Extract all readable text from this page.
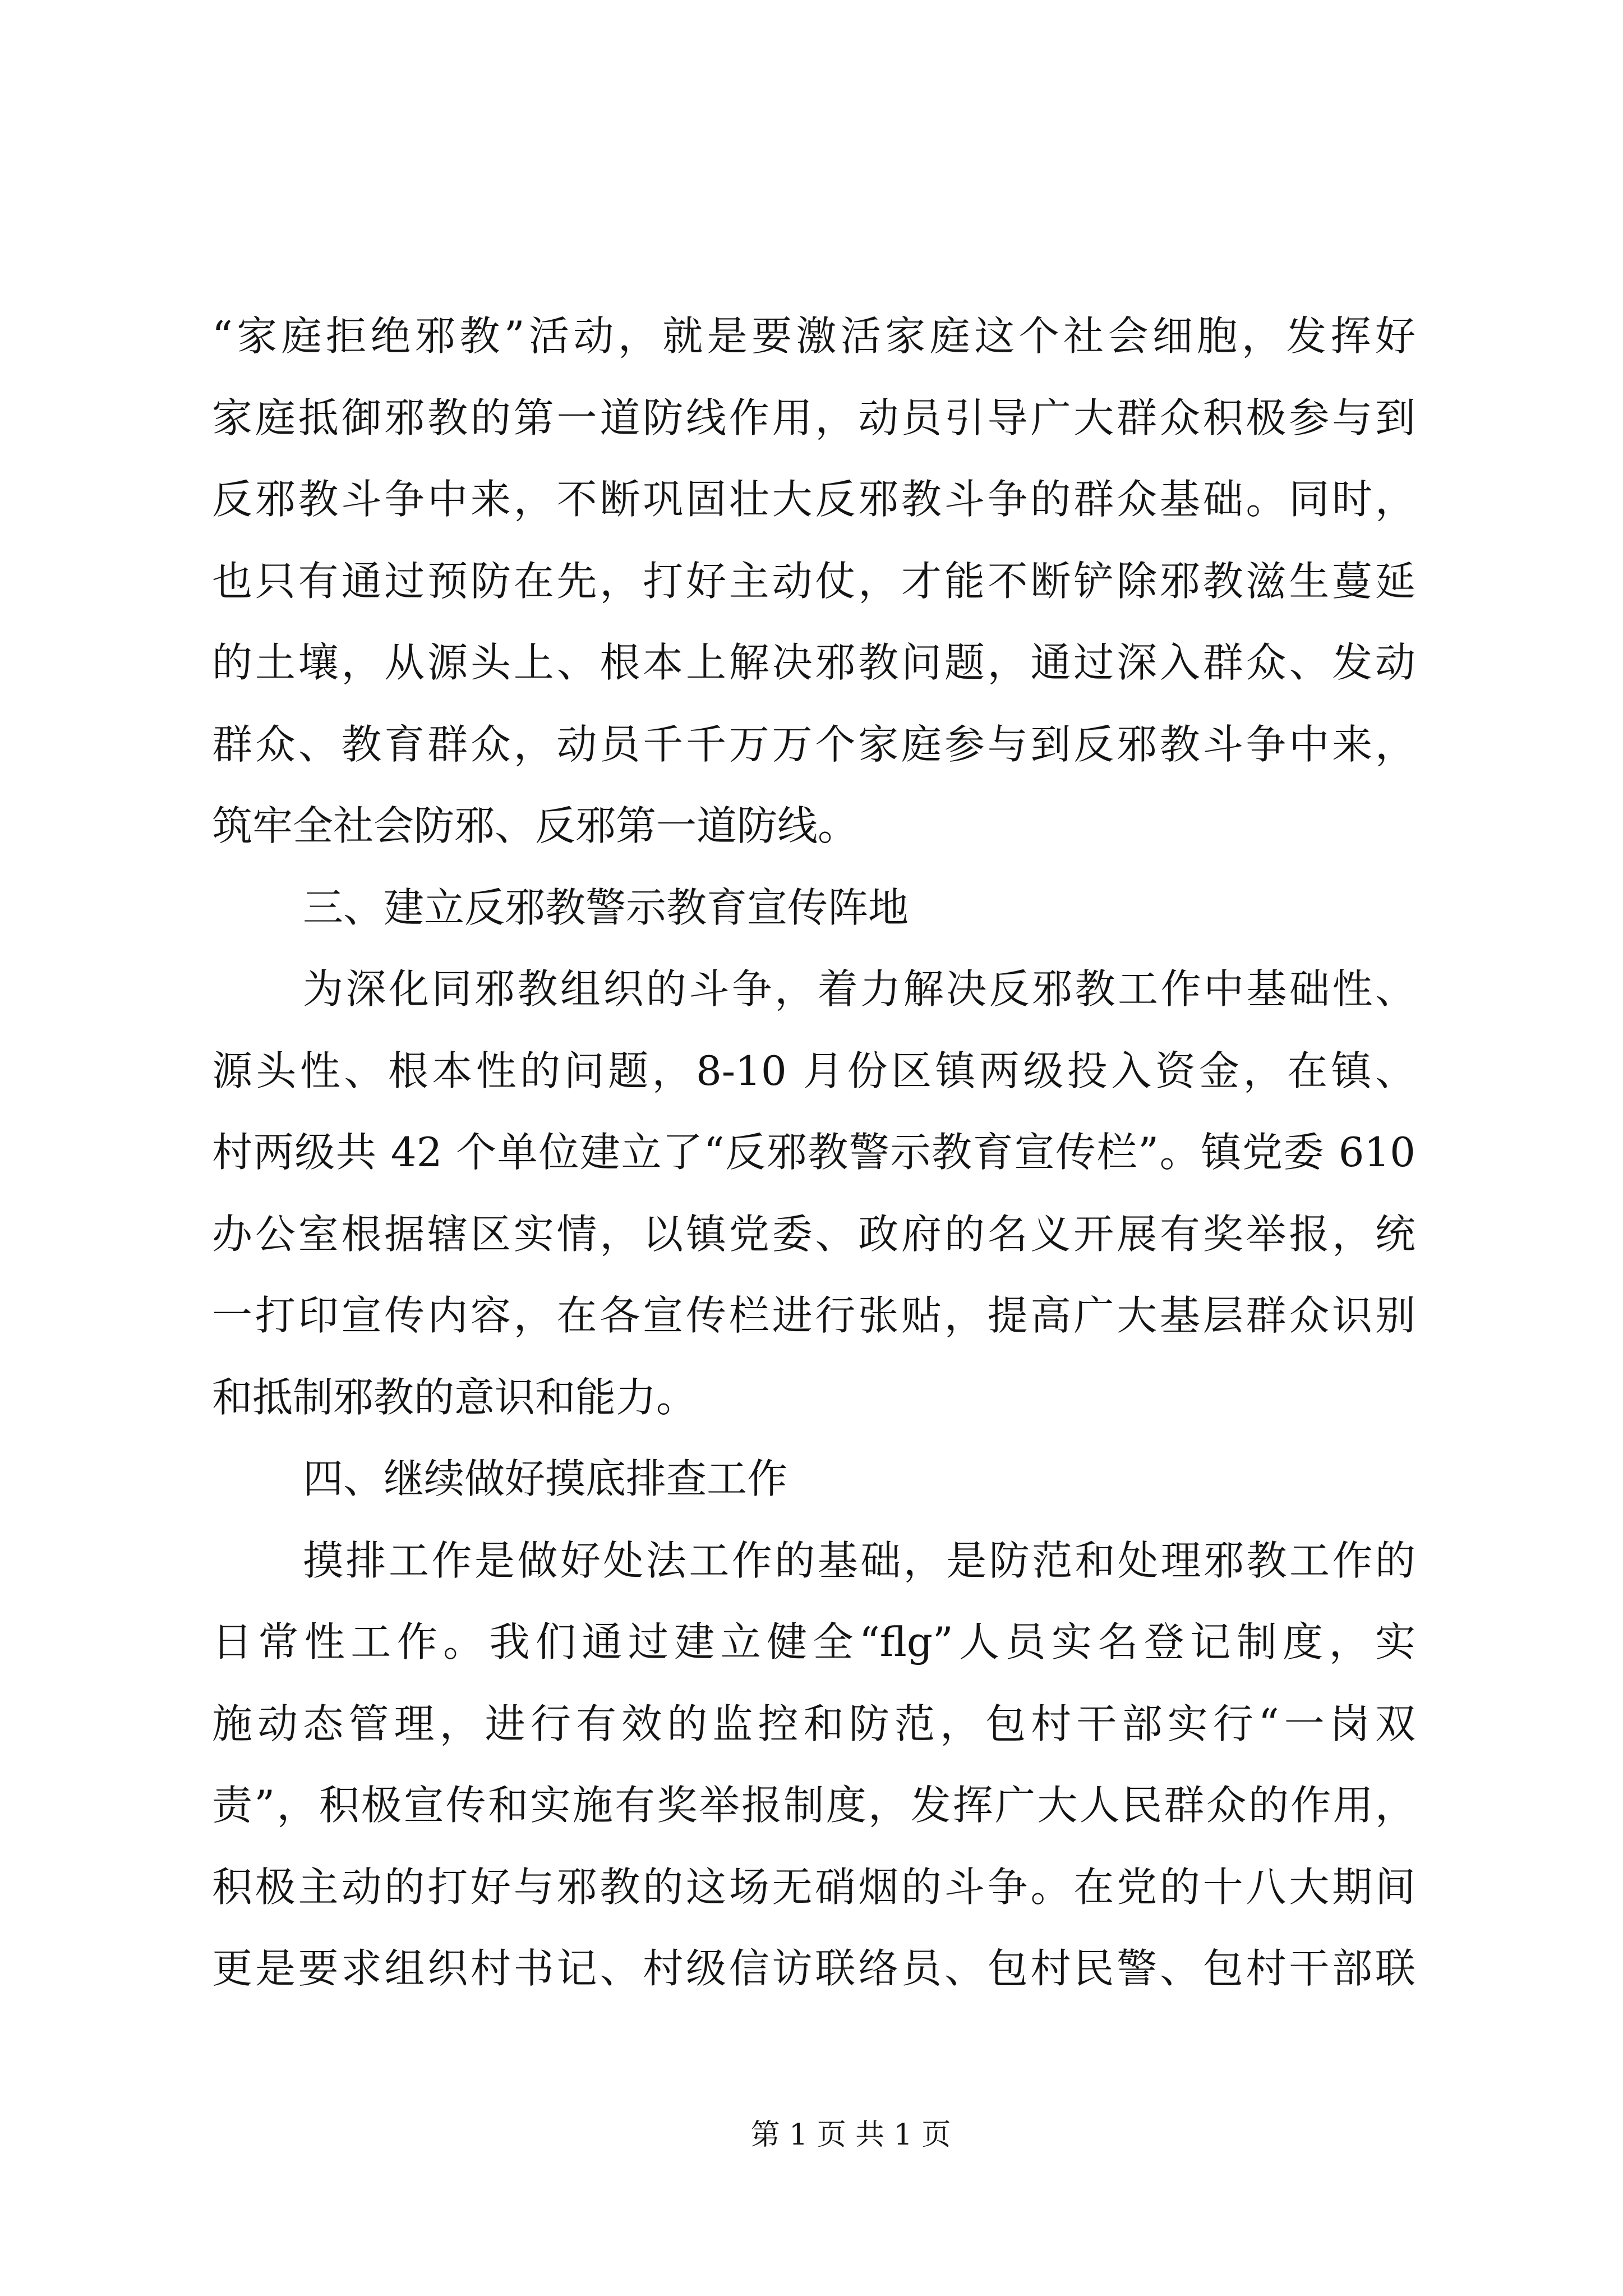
“家庭拒绝邪教”活动，就是要激活家庭这个社会细胞，发挥好
家庭抵御邪教的第一道防线作用，动员引导广大群众积极参与到
反邪教斗争中来，不断巩固壮大反邪教斗争的群众基础。同时，
也只有通过预防在先，打好主动仗，才能不断铲除邪教滋生蔓延
的土壤，从源头上、根本上解决邪教问题，通过深入群众、发动
群众、教育群众，动员千千万万个家庭参与到反邪教斗争中来，
筑牢全社会防邪、反邪第一道防线。
三、建立反邪教警示教育宣传阵地
为深化同邪教组织的斗争，着力解决反邪教工作中基础性、
源头性、根本性的问题，8-10 月份区镇两级投入资金，在镇、
村两级共 42 个单位建立了“反邪教警示教育宣传栏”。镇党委 610
办公室根据辖区实情，以镇党委、政府的名义开展有奖举报，统
一打印宣传内容，在各宣传栏进行张贴，提高广大基层群众识别
和抵制邪教的意识和能力。
四、继续做好摸底排查工作
摸排工作是做好处法工作的基础，是防范和处理邪教工作的
日常性工作。我们通过建立健全“flg”人员实名登记制度，实
施动态管理，进行有效的监控和防范，包村干部实行“一岗双
责”，积极宣传和实施有奖举报制度，发挥广大人民群众的作用，
积极主动的打好与邪教的这场无硝烟的斗争。在党的十八大期间
更是要求组织村书记、村级信访联络员、包村民警、包村干部联
第 1 页 共 1 页
